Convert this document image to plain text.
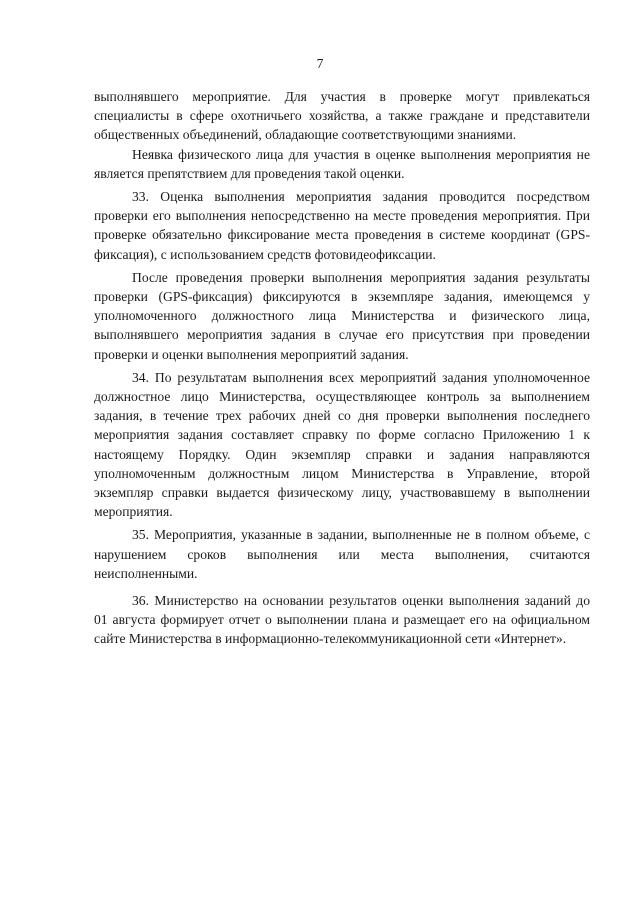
7

выполнявшего мероприятие. Для участия в проверке могут привлекаться специалисты в сфере охотничьего хозяйства, а также граждане и представители общественных объединений, обладающие соответствующими знаниями.

Неявка физического лица для участия в оценке выполнения мероприятия не является препятствием для проведения такой оценки.

33. Оценка выполнения мероприятия задания проводится посредством проверки его выполнения непосредственно на месте проведения мероприятия. При проверке обязательно фиксирование места проведения в системе координат (GPS-фиксация), с использованием средств фотовидеофиксации.

После проведения проверки выполнения мероприятия задания результаты проверки (GPS-фиксация) фиксируются в экземпляре задания, имеющемся у уполномоченного должностного лица Министерства и физического лица, выполнявшего мероприятия задания в случае его присутствия при проведении проверки и оценки выполнения мероприятий задания.

34. По результатам выполнения всех мероприятий задания уполномоченное должностное лицо Министерства, осуществляющее контроль за выполнением задания, в течение трех рабочих дней со дня проверки выполнения последнего мероприятия задания составляет справку по форме согласно Приложению 1 к настоящему Порядку. Один экземпляр справки и задания направляются уполномоченным должностным лицом Министерства в Управление, второй экземпляр справки выдается физическому лицу, участвовавшему в выполнении мероприятия.

35. Мероприятия, указанные в задании, выполненные не в полном объеме, с нарушением сроков выполнения или места выполнения, считаются неисполненными.

36. Министерство на основании результатов оценки выполнения заданий до 01 августа формирует отчет о выполнении плана и размещает его на официальном сайте Министерства в информационно-телекоммуникационной сети «Интернет».
